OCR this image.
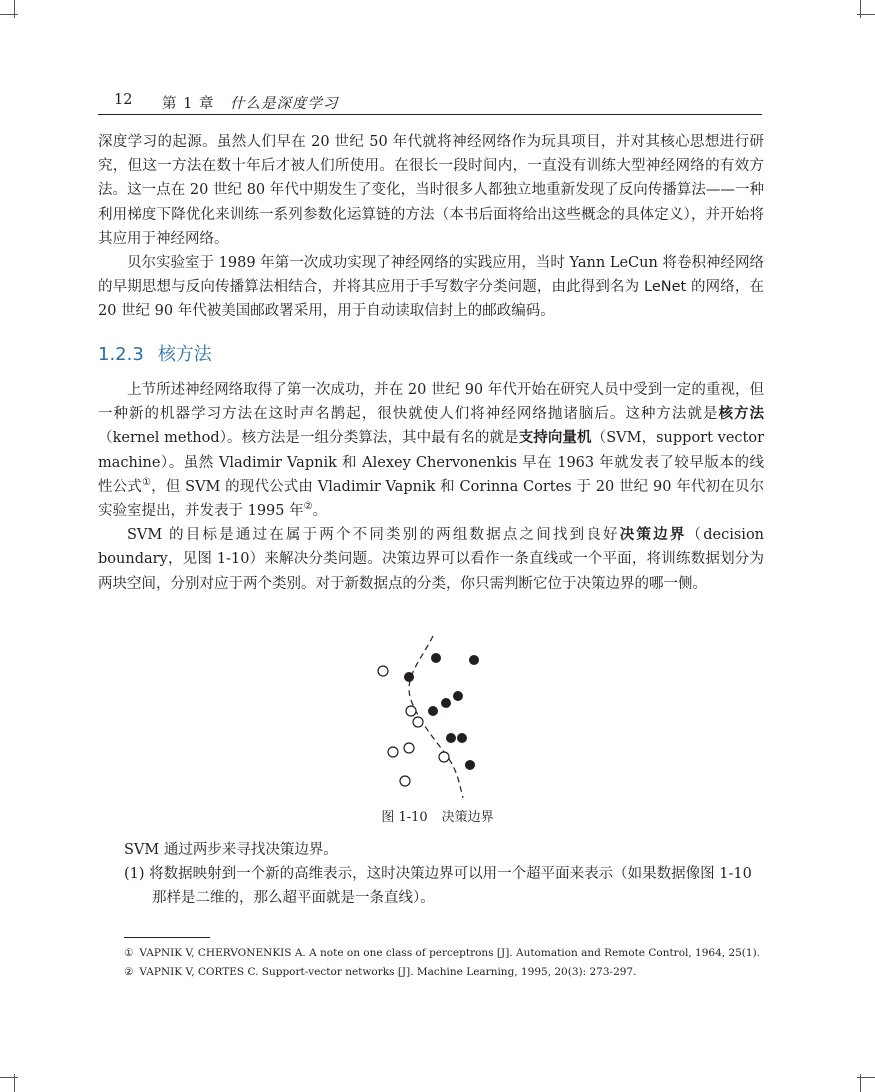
12 第 1 章 什么是深度学习

深度学习的起源。虽然人们早在 20 世纪 50 年代就将神经网络作为玩具项目，并对其核心思想进行研究，但这一方法在数十年后才被人们所使用。在很长一段时间内，一直没有训练大型神经网络的有效方法。这一点在 20 世纪 80 年代中期发生了变化，当时很多人都独立地重新发现了反向传播算法——一种利用梯度下降优化来训练一系列参数化运算链的方法（本书后面将给出这些概念的具体定义），并开始将其应用于神经网络。

贝尔实验室于 1989 年第一次成功实现了神经网络的实践应用，当时 Yann LeCun 将卷积神经网络的早期思想与反向传播算法相结合，并将其应用于手写数字分类问题，由此得到名为 LeNet 的网络，在 20 世纪 90 年代被美国邮政署采用，用于自动读取信封上的邮政编码。

1.2.3 核方法

上节所述神经网络取得了第一次成功，并在 20 世纪 90 年代开始在研究人员中受到一定的重视，但一种新的机器学习方法在这时声名鹊起，很快就使人们将神经网络抛诸脑后。这种方法就是核方法（kernel method）。核方法是一组分类算法，其中最有名的就是支持向量机（SVM，support vector machine）。虽然 Vladimir Vapnik 和 Alexey Chervonenkis 早在 1963 年就发表了较早版本的线性公式①，但 SVM 的现代公式由 Vladimir Vapnik 和 Corinna Cortes 于 20 世纪 90 年代初在贝尔实验室提出，并发表于 1995 年②。

SVM 的目标是通过在属于两个不同类别的两组数据点之间找到良好决策边界（decision boundary，见图 1-10）来解决分类问题。决策边界可以看作一条直线或一个平面，将训练数据划分为两块空间，分别对应于两个类别。对于新数据点的分类，你只需判断它位于决策边界的哪一侧。

图 1-10 决策边界

SVM 通过两步来寻找决策边界。

(1) 将数据映射到一个新的高维表示，这时决策边界可以用一个超平面来表示（如果数据像图 1-10 那样是二维的，那么超平面就是一条直线）。

① VAPNIK V, CHERVONENKIS A. A note on one class of perceptrons [J]. Automation and Remote Control, 1964, 25(1).

② VAPNIK V, CORTES C. Support-vector networks [J]. Machine Learning, 1995, 20(3): 273-297.
